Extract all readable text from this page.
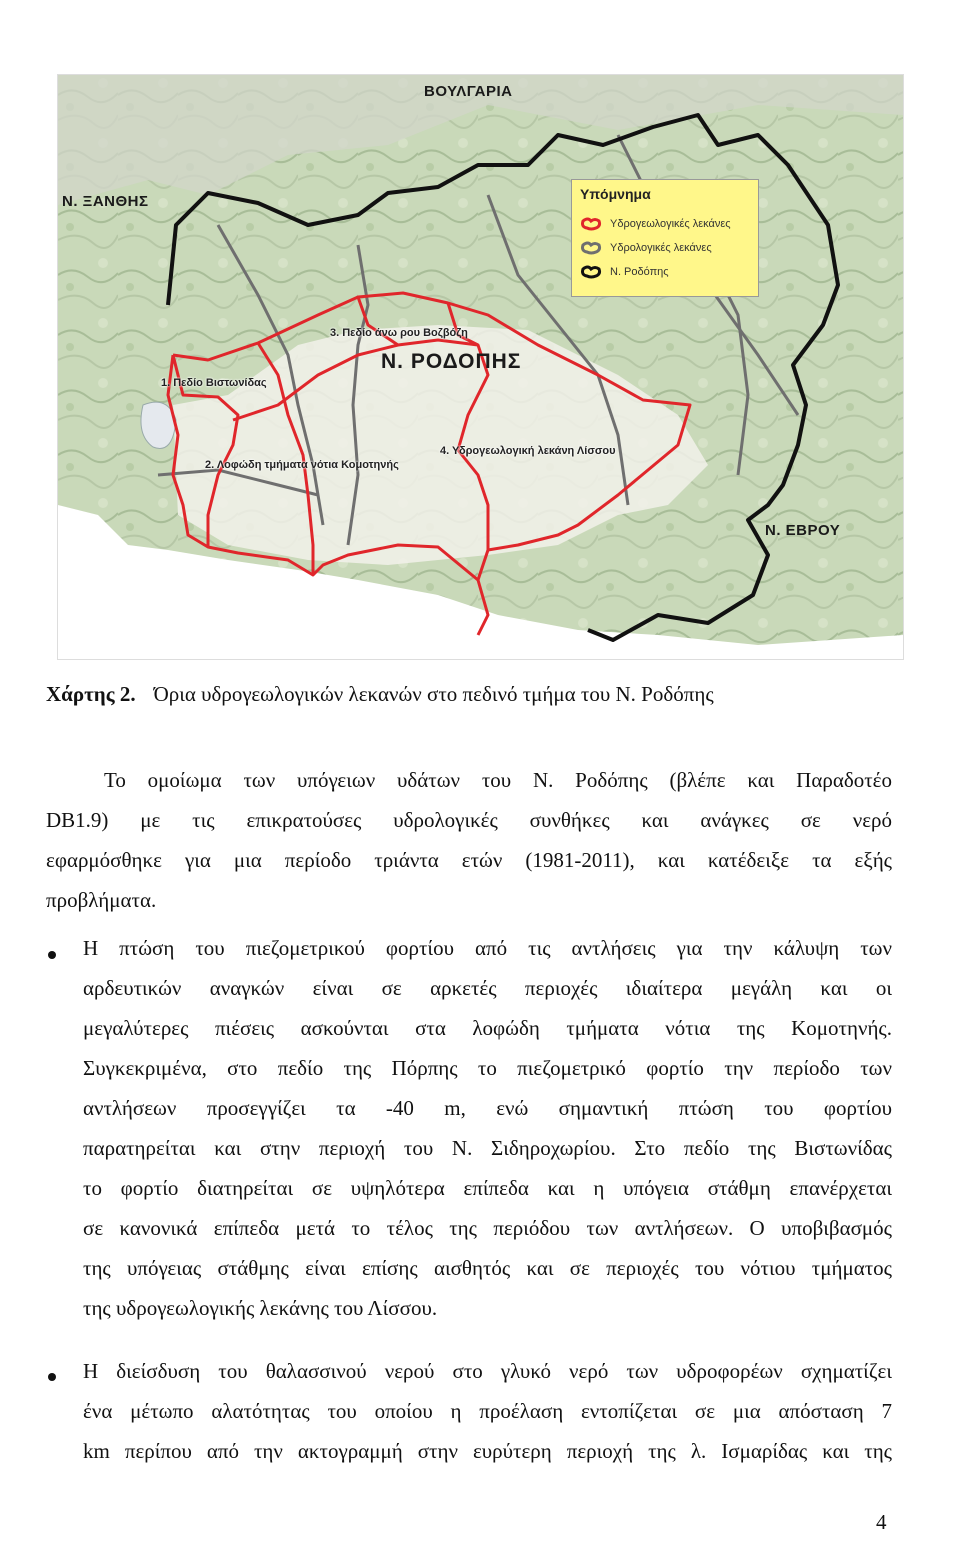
ΒΟΥΛΓΑΡΙΑ
Ν. ΞΑΝΘΗΣ
Ν. ΡΟΔΟΠΗΣ
Ν. ΕΒΡΟΥ
1. Πεδίο Βιστωνίδας
2. Λοφώδη τμήματα νότια Κομοτηνής
3. Πεδίο άνω ρου Βοζβόζη
4. Υδρογεωλογική λεκάνη Λίσσου
Υπόμνημα
Υδρογεωλογικές λεκάνες
Υδρολογικές λεκάνες
Ν. Ροδόπης
Χάρτης 2. Όρια υδρογεωλογικών λεκανών στο πεδινό τμήμα του Ν. Ροδόπης
Το ομοίωμα των υπόγειων υδάτων του Ν. Ροδόπης (βλέπε και Παραδοτέο
DB1.9) με τις επικρατούσες υδρολογικές συνθήκες και ανάγκες σε νερό
εφαρμόσθηκε για μια περίοδο τριάντα ετών (1981-2011), και κατέδειξε τα εξής
προβλήματα.
Η πτώση του πιεζομετρικού φορτίου από τις αντλήσεις για την κάλυψη των
αρδευτικών αναγκών είναι σε αρκετές περιοχές ιδιαίτερα μεγάλη και οι
μεγαλύτερες πιέσεις ασκούνται στα λοφώδη τμήματα νότια της Κομοτηνής.
Συγκεκριμένα, στο πεδίο της Πόρπης το πιεζομετρικό φορτίο την περίοδο των
αντλήσεων προσεγγίζει τα -40 m, ενώ σημαντική πτώση του φορτίου
παρατηρείται και στην περιοχή του Ν. Σιδηροχωρίου. Στο πεδίο της Βιστωνίδας
το φορτίο διατηρείται σε υψηλότερα επίπεδα και η υπόγεια στάθμη επανέρχεται
σε κανονικά επίπεδα μετά το τέλος της περιόδου των αντλήσεων. Ο υποβιβασμός
της υπόγειας στάθμης είναι επίσης αισθητός και σε περιοχές του νότιου τμήματος
της υδρογεωλογικής λεκάνης του Λίσσου.
Η διείσδυση του θαλασσινού νερού στο γλυκό νερό των υδροφορέων σχηματίζει
ένα μέτωπο αλατότητας του οποίου η προέλαση εντοπίζεται σε μια απόσταση 7
km περίπου από την ακτογραμμή στην ευρύτερη περιοχή της λ. Ισμαρίδας και της
4
